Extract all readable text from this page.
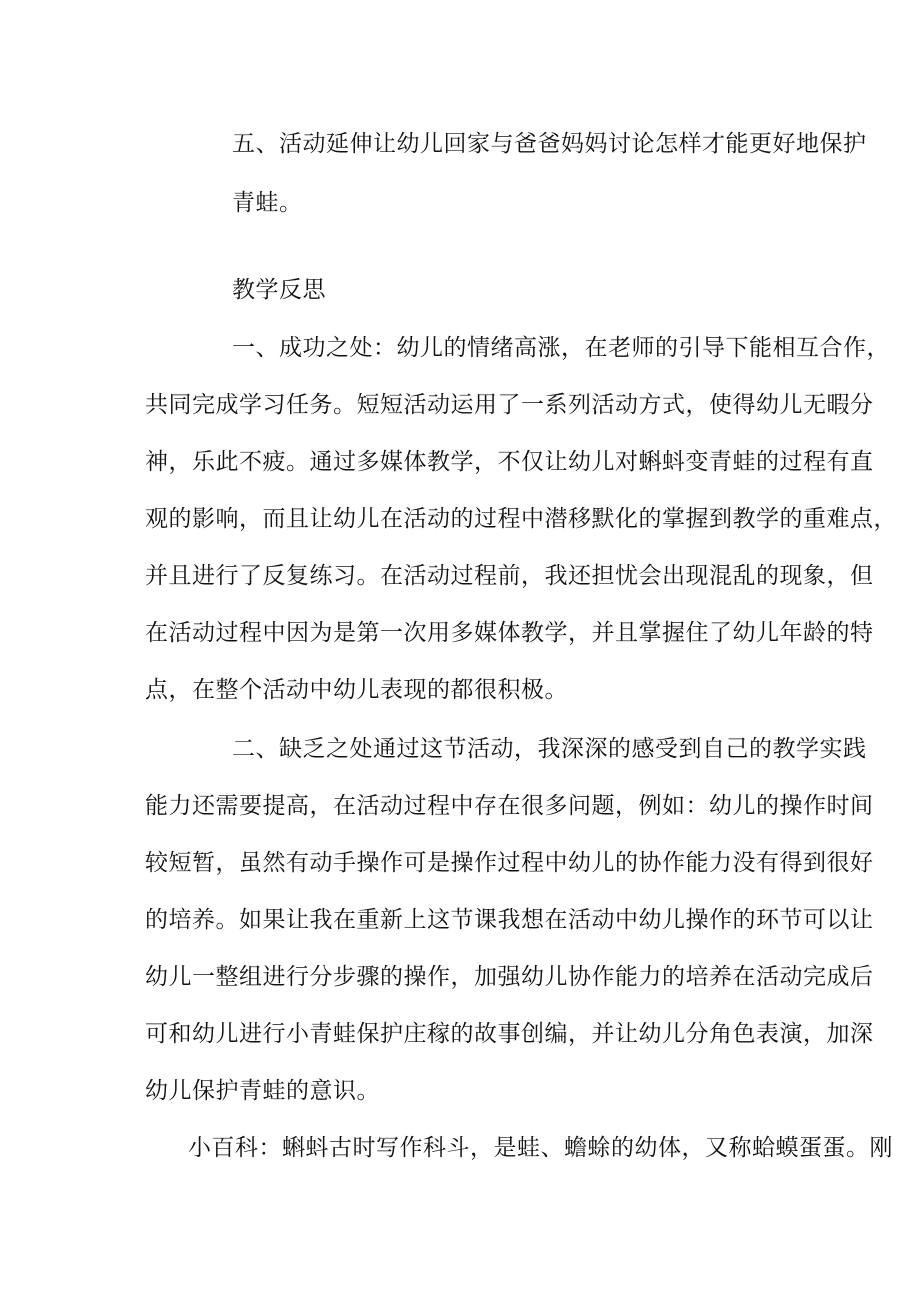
五、活动延伸让幼儿回家与爸爸妈妈讨论怎样才能更好地保护
青蛙。
教学反思
一、成功之处：幼儿的情绪高涨，在老师的引导下能相互合作，
共同完成学习任务。短短活动运用了一系列活动方式，使得幼儿无暇分
神，乐此不疲。通过多媒体教学，不仅让幼儿对蝌蚪变青蛙的过程有直
观的影响，而且让幼儿在活动的过程中潜移默化的掌握到教学的重难点，
并且进行了反复练习。在活动过程前，我还担忧会出现混乱的现象，但
在活动过程中因为是第一次用多媒体教学，并且掌握住了幼儿年龄的特
点，在整个活动中幼儿表现的都很积极。
二、缺乏之处通过这节活动，我深深的感受到自己的教学实践
能力还需要提高，在活动过程中存在很多问题，例如：幼儿的操作时间
较短暂，虽然有动手操作可是操作过程中幼儿的协作能力没有得到很好
的培养。如果让我在重新上这节课我想在活动中幼儿操作的环节可以让
幼儿一整组进行分步骤的操作，加强幼儿协作能力的培养在活动完成后
可和幼儿进行小青蛙保护庄稼的故事创编，并让幼儿分角色表演，加深
幼儿保护青蛙的意识。
小百科：蝌蚪古时写作科斗，是蛙、蟾蜍的幼体，又称蛤蟆蛋蛋。刚
